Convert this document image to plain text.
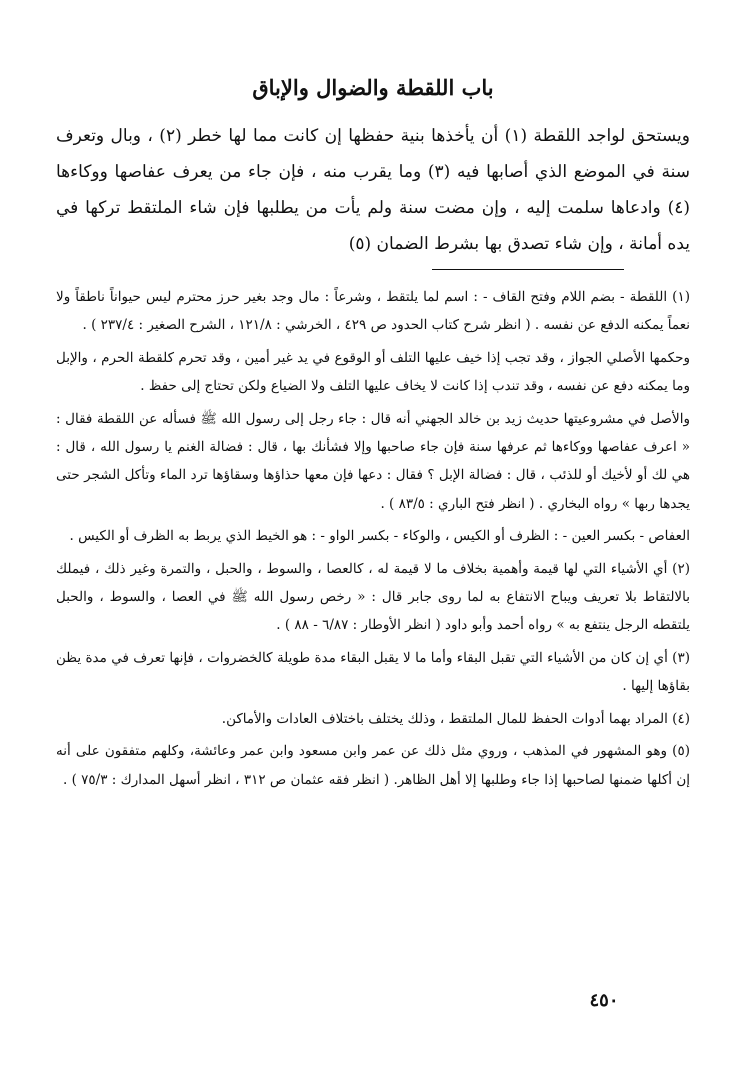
باب اللقطة والضوال والإباق
ويستحق لواجد اللقطة (١) أن يأخذها بنية حفظها إن كانت مما لها خطر (٢) ، وبال وتعرف سنة في الموضع الذي أصابها فيه (٣) وما يقرب منه ، فإن جاء من يعرف عفاصها ووكاءها (٤) وادعاها سلمت إليه ، وإن مضت سنة ولم يأت من يطلبها فإن شاء الملتقط تركها في يده أمانة ، وإن شاء تصدق بها بشرط الضمان (٥)

(١) اللقطة - بضم اللام وفتح القاف - : اسم لما يلتقط ، وشرعاً : مال وجد بغير حرز محترم ليس حيواناً ناطقاً ولا نعماً يمكنه الدفع عن نفسه . ( انظر شرح كتاب الحدود ص ٤٢٩ ، الخرشي : ١٢١/٨ ، الشرح الصغير : ٢٣٧/٤ ) .

وحكمها الأصلي الجواز ، وقد تجب إذا خيف عليها التلف أو الوقوع في يد غير أمين ، وقد تحرم كلقطة الحرم ، والإبل وما يمكنه دفع عن نفسه ، وقد تندب إذا كانت لا يخاف عليها التلف ولا الضياع ولكن تحتاج إلى حفظ .

والأصل في مشروعيتها حديث زيد بن خالد الجهني أنه قال : جاء رجل إلى رسول الله ﷺ فسأله عن اللقطة فقال : « اعرف عفاصها ووكاءها ثم عرفها سنة فإن جاء صاحبها وإلا فشأنك بها ، قال : فضالة الغنم يا رسول الله ، قال : هي لك أو لأخيك أو للذئب ، قال : فضالة الإبل ؟ فقال : دعها فإن معها حذاؤها وسقاؤها ترد الماء وتأكل الشجر حتى يجدها ربها » رواه البخاري . ( انظر فتح الباري : ٨٣/٥ ) .

العفاص - بكسر العين - : الظرف أو الكيس ، والوكاء - بكسر الواو - : هو الخيط الذي يربط به الظرف أو الكيس .

(٢) أي الأشياء التي لها قيمة وأهمية بخلاف ما لا قيمة له ، كالعصا ، والسوط ، والحبل ، والتمرة وغير ذلك ، فيملك بالالتقاط بلا تعريف ويباح الانتفاع به لما روى جابر قال : « رخص رسول الله ﷺ في العصا ، والسوط ، والحبل يلتقطه الرجل ينتفع به » رواه أحمد وأبو داود ( انظر الأوطار : ٦/٨٧ - ٨٨ ) .

(٣) أي إن كان من الأشياء التي تقبل البقاء وأما ما لا يقبل البقاء مدة طويلة كالخضروات ، فإنها تعرف في مدة يظن بقاؤها إليها .

(٤) المراد بهما أدوات الحفظ للمال الملتقط ، وذلك يختلف باختلاف العادات والأماكن.

(٥) وهو المشهور في المذهب ، وروي مثل ذلك عن عمر وابن مسعود وابن عمر وعائشة، وكلهم متفقون على أنه إن أكلها ضمنها لصاحبها إذا جاء وطلبها إلا أهل الظاهر. ( انظر فقه عثمان ص ٣١٢ ، انظر أسهل المدارك : ٧٥/٣ ) .

٤٥٠
